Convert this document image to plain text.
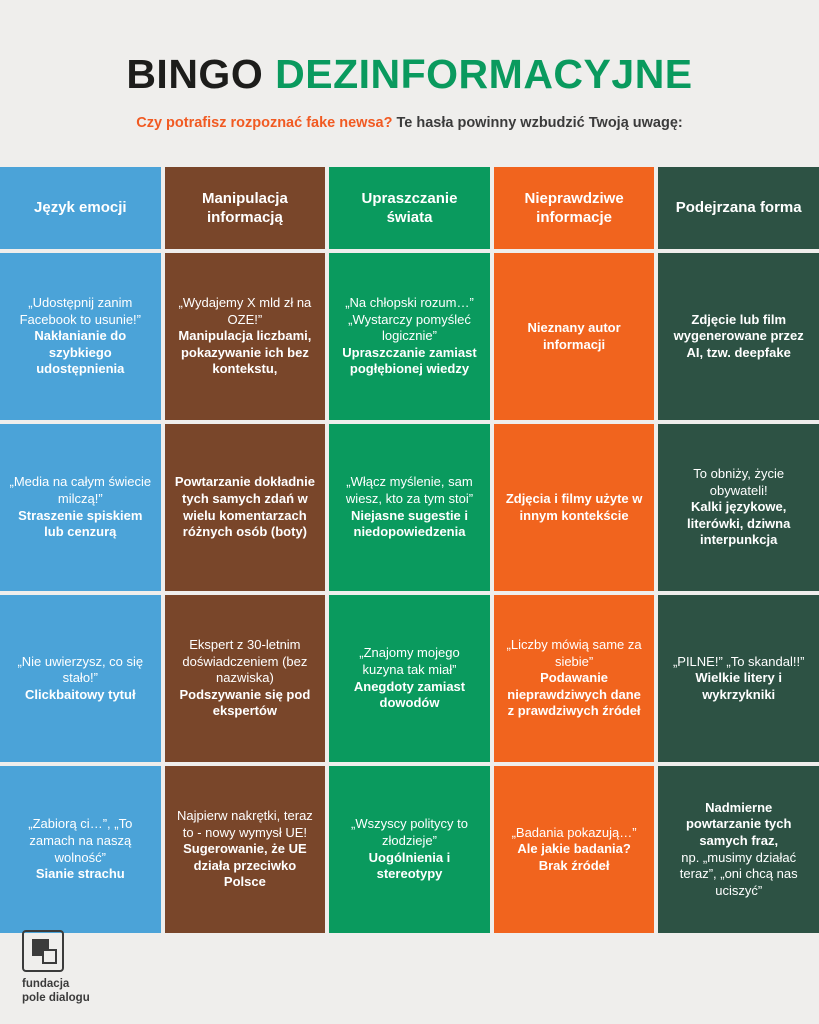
BINGO DEZINFORMACYJNE

Czy potrafisz rozpoznać fake newsa? Te hasła powinny wzbudzić Twoją uwagę:

Język emocji
Manipulacja informacją
Upraszczanie świata
Nieprawdziwe informacje
Podejrzana forma

„Udostępnij zanim Facebook to usunie!”

Nakłanianie do szybkiego udostępnienia

„Wydajemy X mld zł na OZE!”

Manipulacja liczbami, pokazywanie ich bez kontekstu,

„Na chłopski rozum…” „Wystarczy pomyśleć logicznie”

Upraszczanie zamiast pogłębionej wiedzy

Nieznany autor informacji

Zdjęcie lub film wygenerowane przez AI, tzw. deepfake

„Media na całym świecie milczą!”

Straszenie spiskiem lub cenzurą

Powtarzanie dokładnie tych samych zdań w wielu komentarzach różnych osób (boty)

„Włącz myślenie, sam wiesz, kto za tym stoi”

Niejasne sugestie i niedopowiedzenia

Zdjęcia i filmy użyte w innym kontekście

To obniży, życie obywateli!

Kalki językowe, literówki, dziwna interpunkcja

„Nie uwierzysz, co się stało!”

Clickbaitowy tytuł

Ekspert z 30-letnim doświadczeniem (bez nazwiska)

Podszywanie się pod ekspertów

„Znajomy mojego kuzyna tak miał”

Anegdoty zamiast dowodów

„Liczby mówią same za siebie”

Podawanie nieprawdziwych dane z prawdziwych źródeł

„PILNE!” „To skandal!!”

Wielkie litery i wykrzykniki

„Zabiorą ci…”, „To zamach na naszą wolność”

Sianie strachu

Najpierw nakrętki, teraz to - nowy wymysł UE!

Sugerowanie, że UE działa przeciwko Polsce

„Wszyscy politycy to złodzieje”

Uogólnienia i stereotypy

„Badania pokazują…”

Ale jakie badania? Brak źródeł

Nadmierne powtarzanie tych samych fraz,

np. „musimy działać teraz”, „oni chcą nas uciszyć”

fundacja
pole dialogu
